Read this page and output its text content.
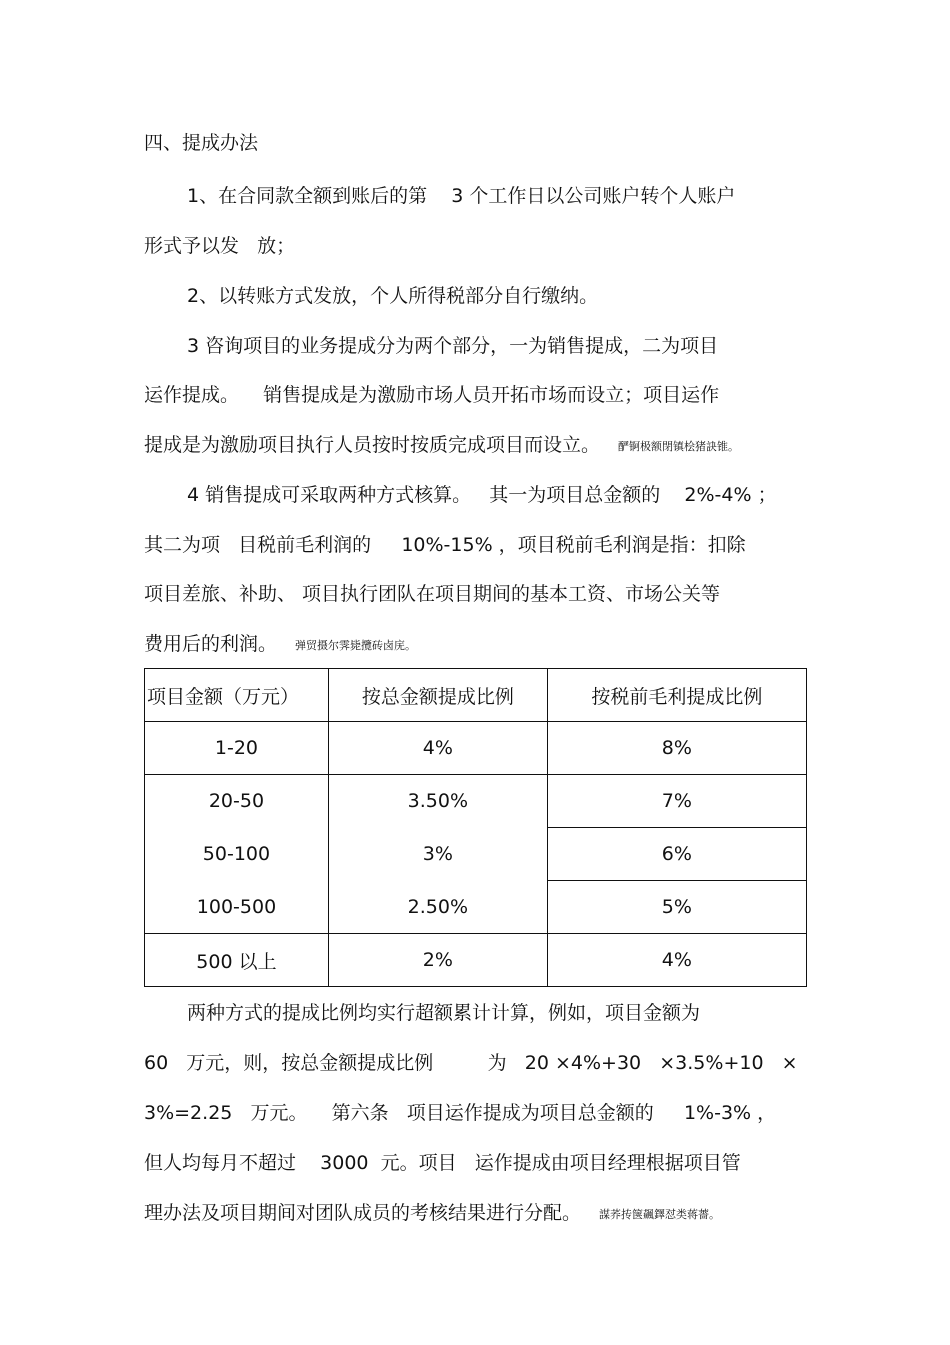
四、提成办法
1、在合同款全额到账后的第    3 个工作日以公司账户转个人账户
形式予以发   放；
2、以转账方式发放，个人所得税部分自行缴纳。
3 咨询项目的业务提成分为两个部分，一为销售提成，二为项目
运作提成。    销售提成是为激励市场人员开拓市场而设立；项目运作
提成是为激励项目执行人员按时按质完成项目而设立。 酽锕极额閉镇桧猪訣锥。
4 销售提成可采取两种方式核算。   其一为项目总金额的    2%-4% ；
其二为项   目税前毛利润的     10%-15% ，项目税前毛利润是指：扣除
项目差旅、补助、 项目执行团队在项目期间的基本工资、市场公关等
费用后的利润。 弹贸摄尔霁毙攬砖卤庑。
项目金额（万元）	按总金额提成比例	按税前毛利提成比例
1-20	4%	8%
20-50	3.50%	7%
50-100	3%	6%
100-500	2.50%	5%
500 以上	2%	4%
两种方式的提成比例均实行超额累计计算，例如，项目金额为
60   万元，则，按总金额提成比例         为   20 ×4%+30   ×3.5%+10   ×
3%=2.25   万元。    第六条   项目运作提成为项目总金额的     1%-3% ，
但人均每月不超过    3000  元。项目   运作提成由项目经理根据项目管
理办法及项目期间对团队成员的考核结果进行分配。 謀荞抟箧飆鐸怼类蒋薔。
